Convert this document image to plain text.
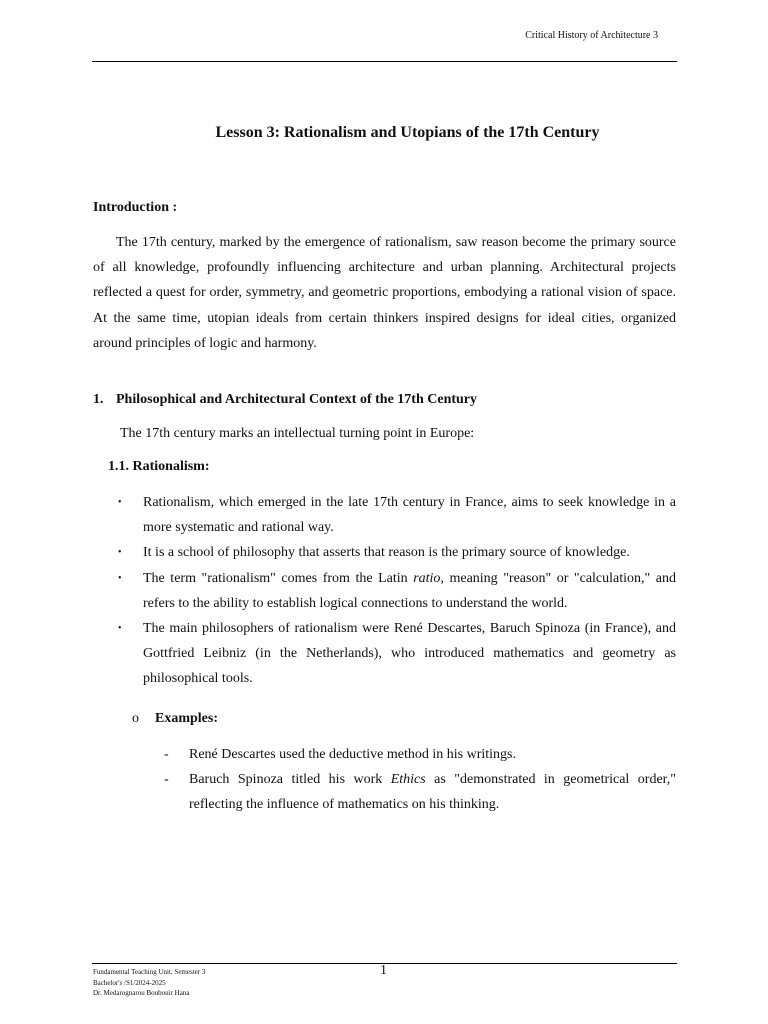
Critical History of Architecture 3
Lesson 3: Rationalism and Utopians of the 17th Century
Introduction :
The 17th century, marked by the emergence of rationalism, saw reason become the primary source of all knowledge, profoundly influencing architecture and urban planning. Architectural projects reflected a quest for order, symmetry, and geometric proportions, embodying a rational vision of space. At the same time, utopian ideals from certain thinkers inspired designs for ideal cities, organized around principles of logic and harmony.
1. Philosophical and Architectural Context of the 17th Century
The 17th century marks an intellectual turning point in Europe:
1.1. Rationalism:
• Rationalism, which emerged in the late 17th century in France, aims to seek knowledge in a more systematic and rational way.
• It is a school of philosophy that asserts that reason is the primary source of knowledge.
• The term "rationalism" comes from the Latin ratio, meaning "reason" or "calculation," and refers to the ability to establish logical connections to understand the world.
• The main philosophers of rationalism were René Descartes, Baruch Spinoza (in France), and Gottfried Leibniz (in the Netherlands), who introduced mathematics and geometry as philosophical tools.
o Examples:
- René Descartes used the deductive method in his writings.
- Baruch Spinoza titled his work Ethics as "demonstrated in geometrical order," reflecting the influence of mathematics on his thinking.
Fundamental Teaching Unit, Semester 3
Bachelor's /S1/2024-2025
Dr. Medarognarou Boubouir Hana
1
